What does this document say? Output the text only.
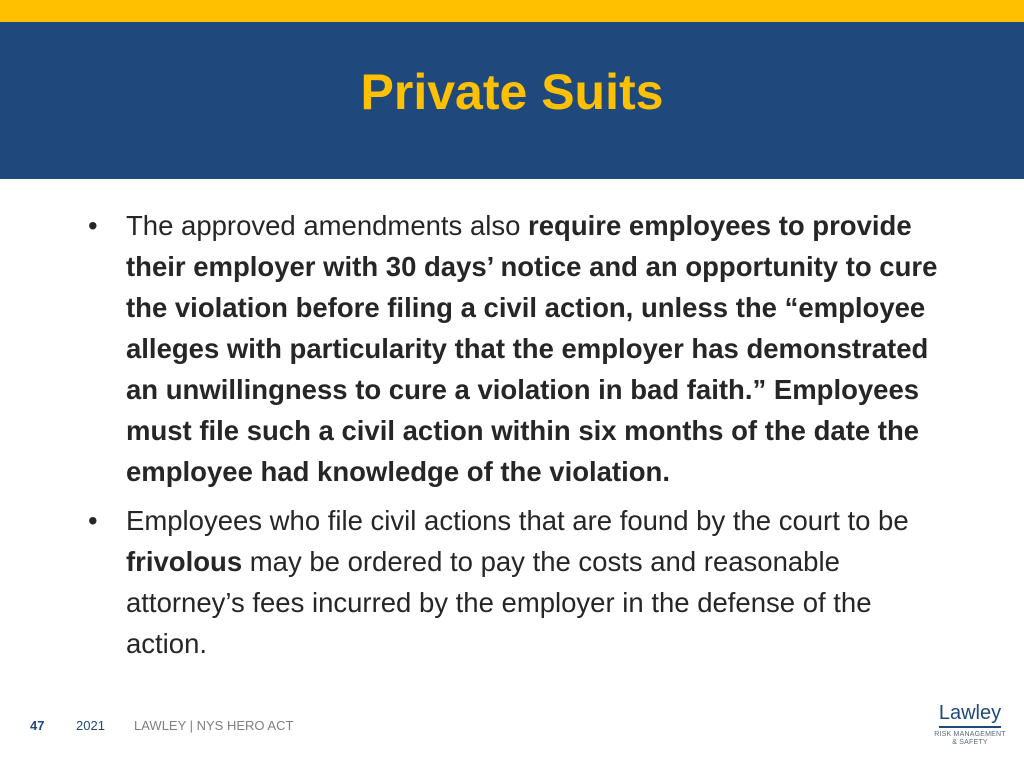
Private Suits
• The approved amendments also require employees to provide their employer with 30 days’ notice and an opportunity to cure the violation before filing a civil action, unless the “employee alleges with particularity that the employer has demonstrated an unwillingness to cure a violation in bad faith.” Employees must file such a civil action within six months of the date the employee had knowledge of the violation.
• Employees who file civil actions that are found by the court to be frivolous may be ordered to pay the costs and reasonable attorney’s fees incurred by the employer in the defense of the action.
47 2021 LAWLEY | NYS HERO ACT
Lawley
RISK MANAGEMENT
& SAFETY
